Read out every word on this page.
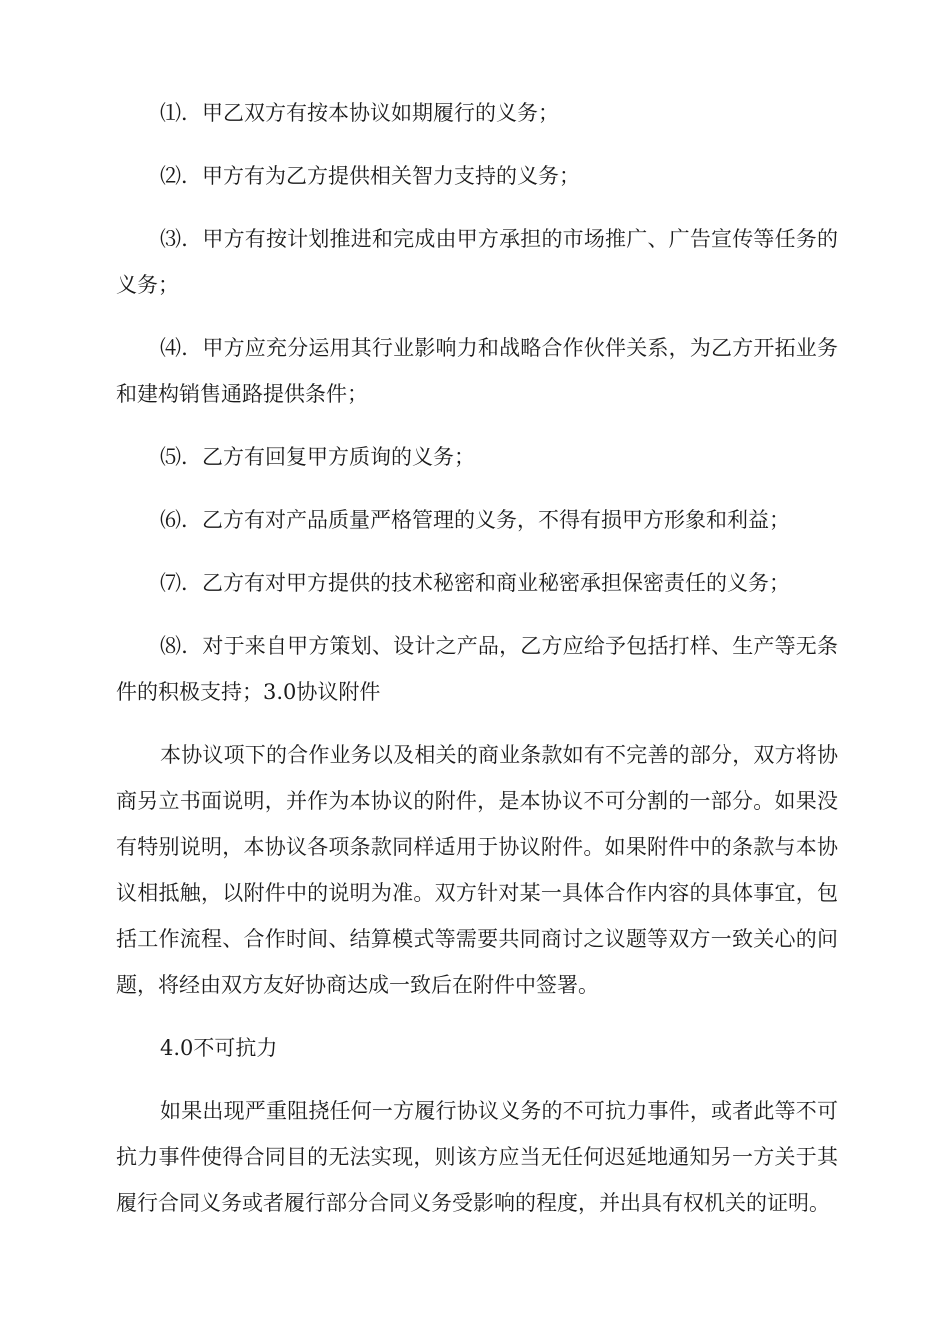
⑴．甲乙双方有按本协议如期履行的义务；

⑵．甲方有为乙方提供相关智力支持的义务；

⑶．甲方有按计划推进和完成由甲方承担的市场推广、广告宣传等任务的义务；

⑷．甲方应充分运用其行业影响力和战略合作伙伴关系，为乙方开拓业务和建构销售通路提供条件；

⑸．乙方有回复甲方质询的义务；

⑹．乙方有对产品质量严格管理的义务，不得有损甲方形象和利益；

⑺．乙方有对甲方提供的技术秘密和商业秘密承担保密责任的义务；

⑻．对于来自甲方策划、设计之产品，乙方应给予包括打样、生产等无条件的积极支持；3.0协议附件

本协议项下的合作业务以及相关的商业条款如有不完善的部分，双方将协商另立书面说明，并作为本协议的附件，是本协议不可分割的一部分。如果没有特别说明，本协议各项条款同样适用于协议附件。如果附件中的条款与本协议相抵触，以附件中的说明为准。双方针对某一具体合作内容的具体事宜，包括工作流程、合作时间、结算模式等需要共同商讨之议题等双方一致关心的问题，将经由双方友好协商达成一致后在附件中签署。

4.0不可抗力

如果出现严重阻挠任何一方履行协议义务的不可抗力事件，或者此等不可抗力事件使得合同目的无法实现，则该方应当无任何迟延地通知另一方关于其履行合同义务或者履行部分合同义务受影响的程度，并出具有权机关的证明。
